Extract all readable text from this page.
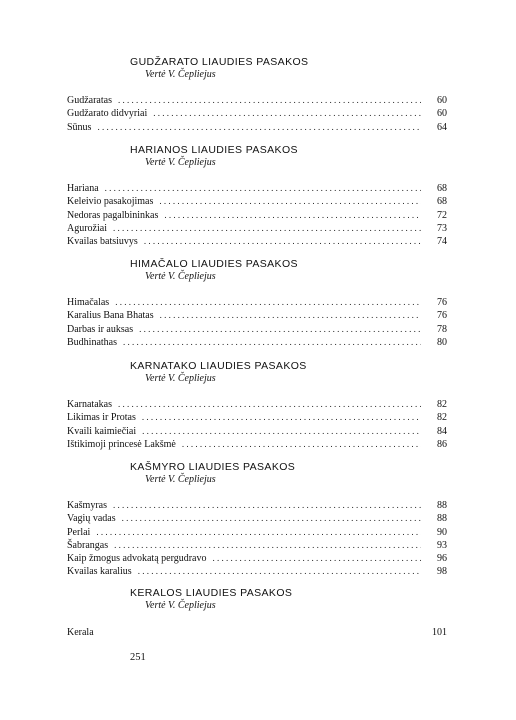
GUDŽARATO LIAUDIES PASAKOS
Vertė V. Čepliejus
Gudžaratas . . .	60
Gudžarato didvyriai . . .	60
Sūnus . . .	64
HARIANOS LIAUDIES PASAKOS
Vertė V. Čepliejus
Hariana . . .	68
Keleivio pasakojimas . . .	68
Nedoras pagalbininkas . . .	72
Agurožiai . . .	73
Kvailas batsiuvys . . .	74
HIMAČALO LIAUDIES PASAKOS
Vertė V. Čepliejus
Himačalas . . .	76
Karalius Bana Bhatas . . .	76
Darbas ir auksas . . .	78
Budhinathas . . .	80
KARNATAKO LIAUDIES PASAKOS
Vertė V. Čepliejus
Karnatakas . . .	82
Likimas ir Protas . . .	82
Kvaili kaimiečiai . . .	84
Ištikimoji princesė Lakšmė . . .	86
KAŠMYRO LIAUDIES PASAKOS
Vertė V. Čepliejus
Kašmyras . . .	88
Vagių vadas . . .	88
Perlai . . .	90
Šabrangas . . .	93
Kaip žmogus advokatą pergudravo . . .	96
Kvailas karalius . . .	98
KERALOS LIAUDIES PASAKOS
Vertė V. Čepliejus
Kerala	101
251
